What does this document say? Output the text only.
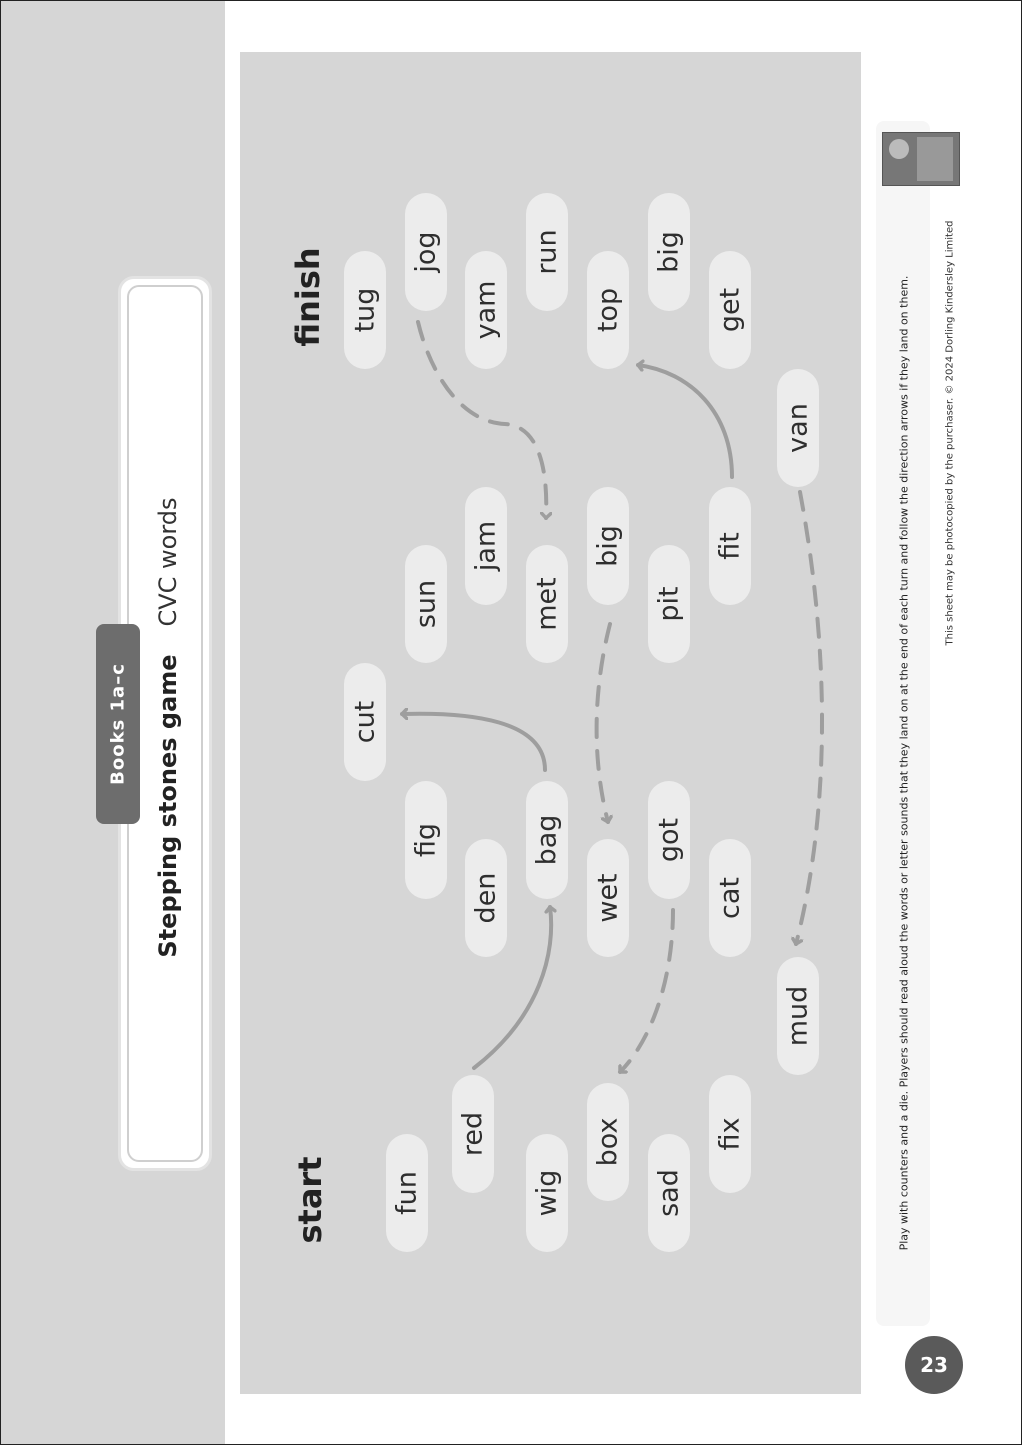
Stepping stones game
CVC words
Books 1a–c
start
finish
fun
red
wig
box
sad
fix
mud
fig
den
bag
wet
got
cat
cut
sun
jam
met
big
pit
fit
van
tug
jog
yam
run
top
big
get	Play with counters and a die. Players should read aloud the words or letter sounds that they land on at the end of each turn and follow the direction arrows if they land on them.	This sheet may be photocopied by the purchaser. © 2024 Dorling Kindersley Limited
23
